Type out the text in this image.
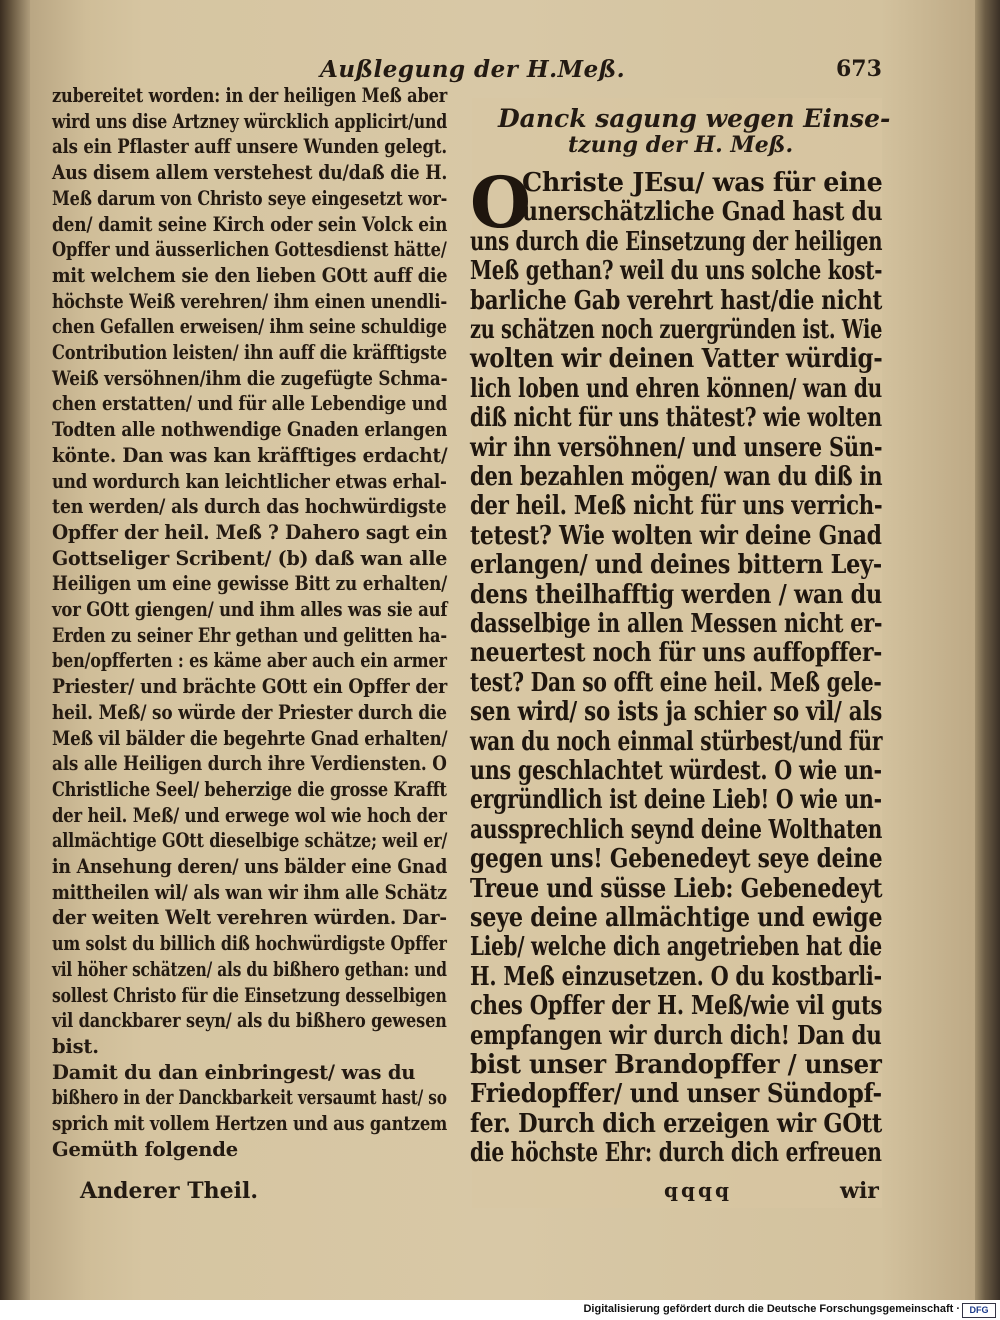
Außlegung der H.Meß.	673
zubereitet worden: in der heiligen Meß aber
wird uns dise Artzney würcklich applicirt/und
als ein Pflaster auff unsere Wunden gelegt.
Aus disem allem verstehest du/daß die H.
Meß darum von Christo seye eingesetzt wor-
den/ damit seine Kirch oder sein Volck ein
Opffer und äusserlichen Gottesdienst hätte/
mit welchem sie den lieben GOtt auff die
höchste Weiß verehren/ ihm einen unendli-
chen Gefallen erweisen/ ihm seine schuldige
Contribution leisten/ ihn auff die kräfftigste
Weiß versöhnen/ihm die zugefügte Schma-
chen erstatten/ und für alle Lebendige und
Todten alle nothwendige Gnaden erlangen
könte. Dan was kan kräfftiges erdacht/
und wordurch kan leichtlicher etwas erhal-
ten werden/ als durch das hochwürdigste
Opffer der heil. Meß ? Dahero sagt ein
Gottseliger Scribent/ (b) daß wan alle
Heiligen um eine gewisse Bitt zu erhalten/
vor GOtt giengen/ und ihm alles was sie auf
Erden zu seiner Ehr gethan und gelitten ha-
ben/opfferten : es käme aber auch ein armer
Priester/ und brächte GOtt ein Opffer der
heil. Meß/ so würde der Priester durch die
Meß vil bälder die begehrte Gnad erhalten/
als alle Heiligen durch ihre Verdiensten. O
Christliche Seel/ beherzige die grosse Krafft
der heil. Meß/ und erwege wol wie hoch der
allmächtige GOtt dieselbige schätze; weil er/
in Ansehung deren/ uns bälder eine Gnad
mittheilen wil/ als wan wir ihm alle Schätz
der weiten Welt verehren würden. Dar-
um solst du billich diß hochwürdigste Opffer
vil höher schätzen/ als du bißhero gethan: und
sollest Christo für die Einsetzung desselbigen
vil danckbarer seyn/ als du bißhero gewesen
bist.
Damit du dan einbringest/ was du
bißhero in der Danckbarkeit versaumt hast/ so
sprich mit vollem Hertzen und aus gantzem
Gemüth folgende
Danck sagung wegen Einse-
tzung der H. Meß.
O
Christe JEsu/ was für eine
unerschätzliche Gnad hast du
uns durch die Einsetzung der heiligen
Meß gethan? weil du uns solche kost-
barliche Gab verehrt hast/die nicht
zu schätzen noch zuergründen ist. Wie
wolten wir deinen Vatter würdig-
lich loben und ehren können/ wan du
diß nicht für uns thätest? wie wolten
wir ihn versöhnen/ und unsere Sün-
den bezahlen mögen/ wan du diß in
der heil. Meß nicht für uns verrich-
tetest? Wie wolten wir deine Gnad
erlangen/ und deines bittern Ley-
dens theilhafftig werden / wan du
dasselbige in allen Messen nicht er-
neuertest noch für uns auffopffer-
test? Dan so offt eine heil. Meß gele-
sen wird/ so ists ja schier so vil/ als
wan du noch einmal stürbest/und für
uns geschlachtet würdest. O wie un-
ergründlich ist deine Lieb! O wie un-
aussprechlich seynd deine Wolthaten
gegen uns! Gebenedeyt seye deine
Treue und süsse Lieb: Gebenedeyt
seye deine allmächtige und ewige
Lieb/ welche dich angetrieben hat die
H. Meß einzusetzen. O du kostbarli-
ches Opffer der H. Meß/wie vil guts
empfangen wir durch dich! Dan du
bist unser Brandopffer / unser
Friedopffer/ und unser Sündopf-
fer. Durch dich erzeigen wir GOtt
die höchste Ehr: durch dich erfreuen
Anderer Theil.	qqqq	wir
Digitalisierung gefördert durch die Deutsche Forschungsgemeinschaft ·	DFG
